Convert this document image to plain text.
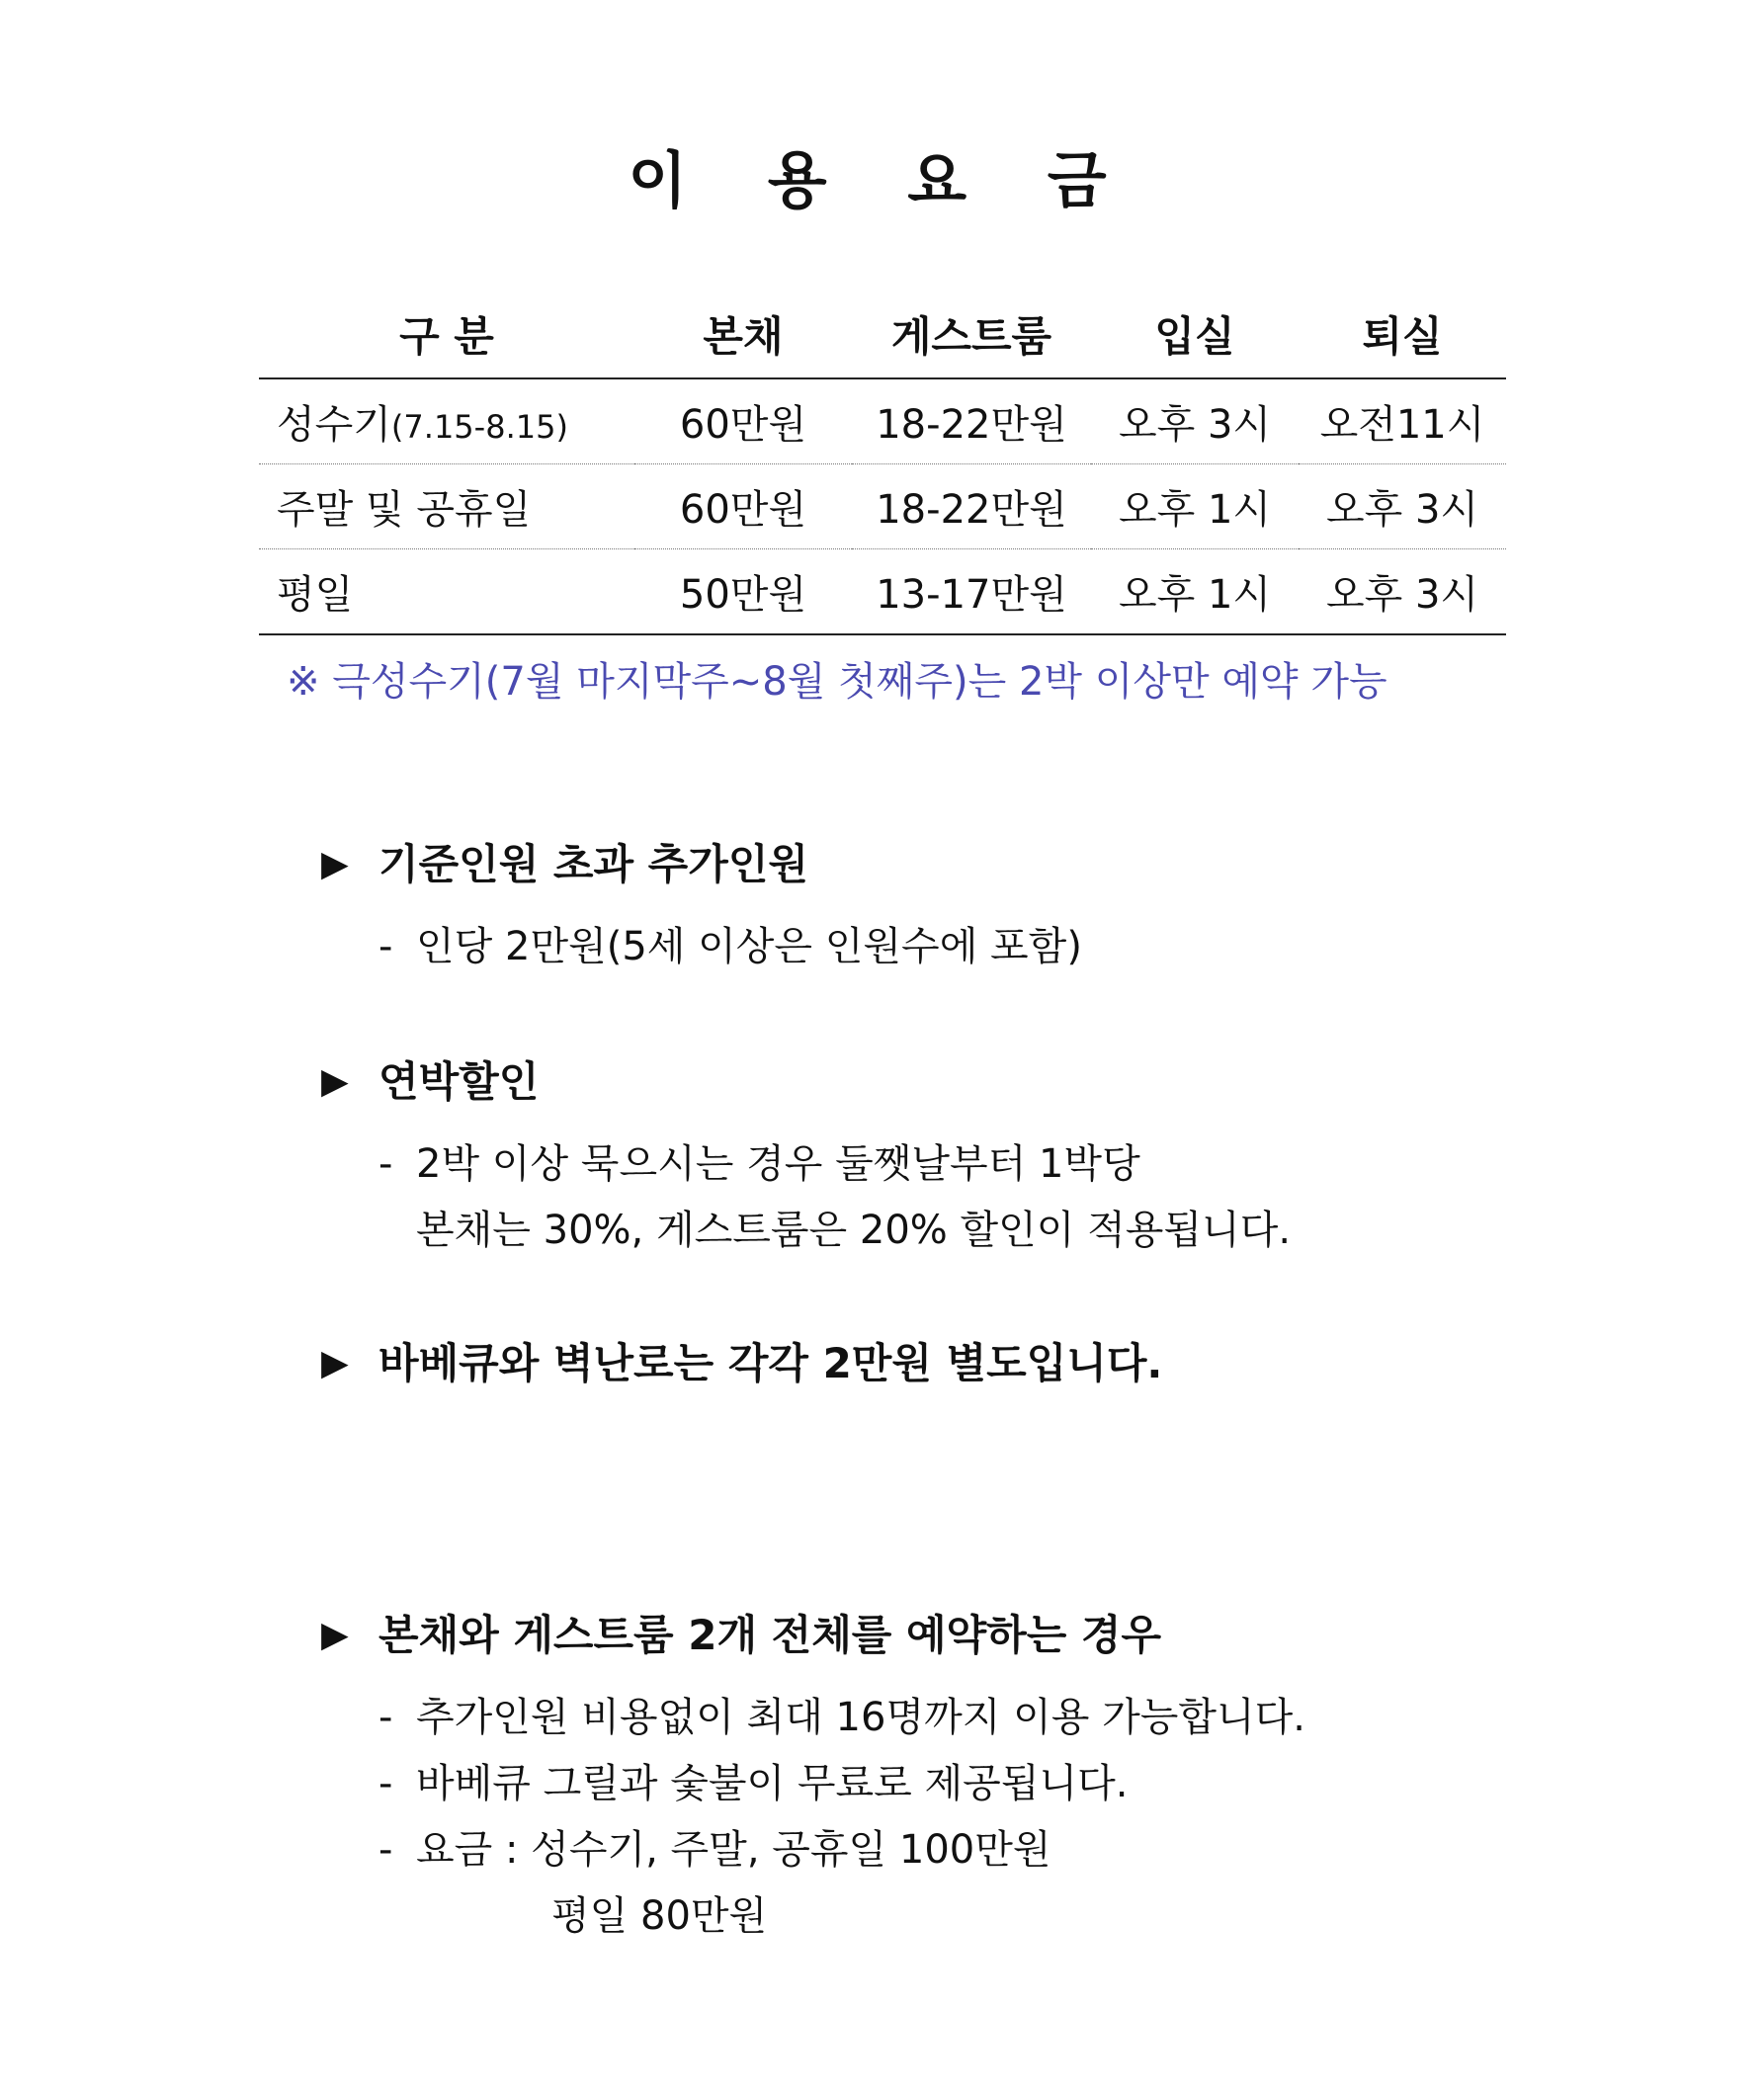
이 용 요 금
구 분	본채	게스트룸	입실	퇴실
성수기(7.15-8.15)	60만원	18-22만원	오후 3시	오전11시
주말 및 공휴일	60만원	18-22만원	오후 1시	오후 3시
평일	50만원	13-17만원	오후 1시	오후 3시
※ 극성수기(7월 마지막주~8월 첫째주)는 2박 이상만 예약 가능
▶ 기준인원 초과 추가인원
- 인당 2만원(5세 이상은 인원수에 포함)
▶ 연박할인
- 2박 이상 묵으시는 경우 둘쨋날부터 1박당
본채는 30%, 게스트룸은 20% 할인이 적용됩니다.
▶ 바베큐와 벽난로는 각각 2만원 별도입니다.
▶ 본채와 게스트룸 2개 전체를 예약하는 경우
- 추가인원 비용없이 최대 16명까지 이용 가능합니다.
- 바베큐 그릴과 숯불이 무료로 제공됩니다.
- 요금 : 성수기, 주말, 공휴일 100만원
평일 80만원
